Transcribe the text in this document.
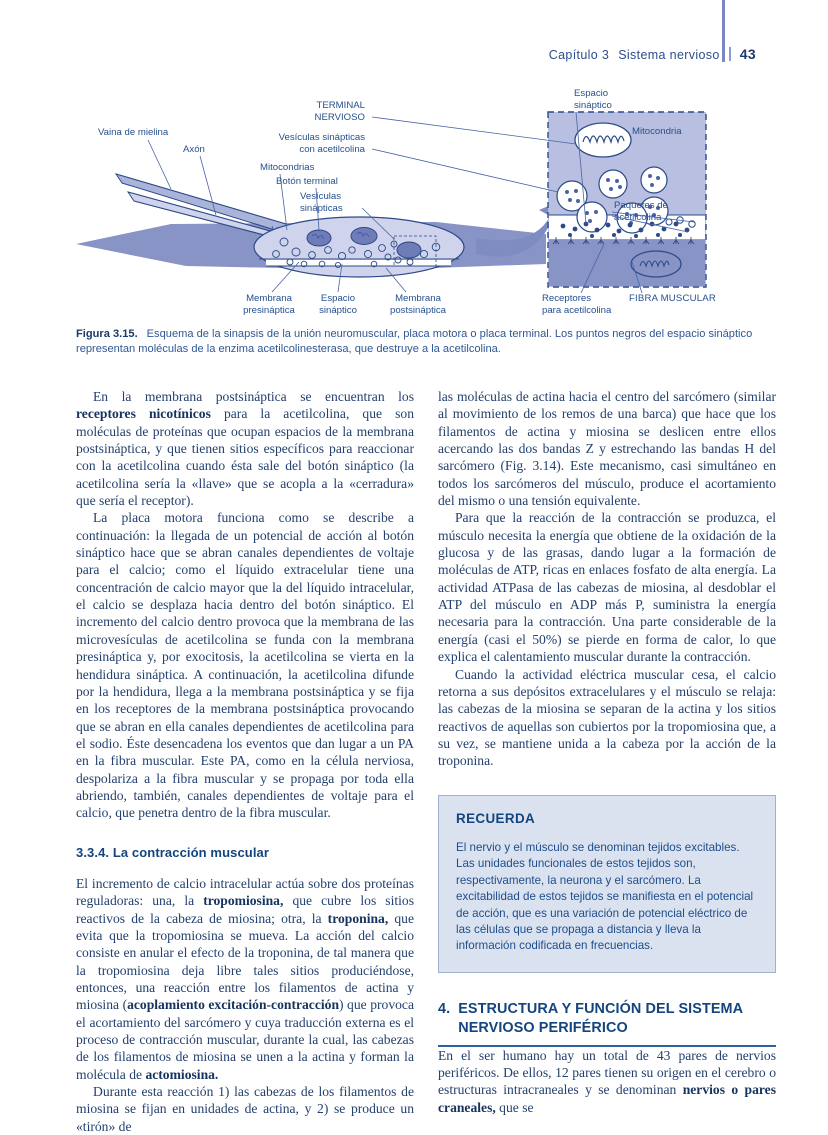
Capítulo 3 Sistema nervioso 43
Vaina de mielina
Axón
TERMINAL
NERVIOSO
Vesículas sinápticas
con acetilcolina
Mitocondrias
Botón terminal
Vesículas
sinápticas
Espacio
sináptico
Mitocondria
Paquetes de
acetilcolina
Membrana
presináptica
Espacio
sináptico
Membrana
postsináptica
Receptores
para acetilcolina
FIBRA MUSCULAR
Figura 3.15. Esquema de la sinapsis de la unión neuromuscular, placa motora o placa terminal. Los puntos negros del espacio sináptico representan moléculas de la enzima acetilcolinesterasa, que destruye a la acetilcolina.

En la membrana postsináptica se encuentran los receptores nicotínicos para la acetilcolina, que son moléculas de proteínas que ocupan espacios de la membrana postsináptica, y que tienen sitios específicos para reaccionar con la acetilcolina cuando ésta sale del botón sináptico (la acetilcolina sería la «llave» que se acopla a la «cerradura» que sería el receptor).

La placa motora funciona como se describe a continuación: la llegada de un potencial de acción al botón sináptico hace que se abran canales dependientes de voltaje para el calcio; como el líquido extracelular tiene una concentración de calcio mayor que la del líquido intracelular, el calcio se desplaza hacia dentro del botón sináptico. El incremento del calcio dentro provoca que la membrana de las microvesículas de acetilcolina se funda con la membrana presináptica y, por exocitosis, la acetilcolina se vierta en la hendidura sináptica. A continuación, la acetilcolina difunde por la hendidura, llega a la membrana postsináptica y se fija en los receptores de la membrana postsináptica provocando que se abran en ella canales dependientes de acetilcolina para el sodio. Éste desencadena los eventos que dan lugar a un PA en la fibra muscular. Este PA, como en la célula nerviosa, despolariza a la fibra muscular y se propaga por toda ella abriendo, también, canales dependientes de voltaje para el calcio, que penetra dentro de la fibra muscular.

3.3.4. La contracción muscular

El incremento de calcio intracelular actúa sobre dos proteínas reguladoras: una, la tropomiosina, que cubre los sitios reactivos de la cabeza de miosina; otra, la troponina, que evita que la tropomiosina se mueva. La acción del calcio consiste en anular el efecto de la troponina, de tal manera que la tropomiosina deja libre tales sitios produciéndose, entonces, una reacción entre los filamentos de actina y miosina (acoplamiento excitación-contracción) que provoca el acortamiento del sarcómero y cuya traducción externa es el proceso de contracción muscular, durante la cual, las cabezas de los filamentos de miosina se unen a la actina y forman la molécula de actomiosina.

Durante esta reacción 1) las cabezas de los filamentos de miosina se fijan en unidades de actina, y 2) se produce un «tirón» de

las moléculas de actina hacia el centro del sarcómero (similar al movimiento de los remos de una barca) que hace que los filamentos de actina y miosina se deslicen entre ellos acercando las dos bandas Z y estrechando las bandas H del sarcómero (Fig. 3.14). Este mecanismo, casi simultáneo en todos los sarcómeros del músculo, produce el acortamiento del mismo o una tensión equivalente.

Para que la reacción de la contracción se produzca, el músculo necesita la energía que obtiene de la oxidación de la glucosa y de las grasas, dando lugar a la formación de moléculas de ATP, ricas en enlaces fosfato de alta energía. La actividad ATPasa de las cabezas de miosina, al desdoblar el ATP del músculo en ADP más P, suministra la energía necesaria para la contracción. Una parte considerable de la energía (casi el 50%) se pierde en forma de calor, lo que explica el calentamiento muscular durante la contracción.

Cuando la actividad eléctrica muscular cesa, el calcio retorna a sus depósitos extracelulares y el músculo se relaja: las cabezas de la miosina se separan de la actina y los sitios reactivos de aquellas son cubiertos por la tropomiosina que, a su vez, se mantiene unida a la cabeza por la acción de la troponina.

RECUERDA
El nervio y el músculo se denominan tejidos excitables. Las unidades funcionales de estos tejidos son, respectivamente, la neurona y el sarcómero. La excitabilidad de estos tejidos se manifiesta en el potencial de acción, que es una variación de potencial eléctrico de las células que se propaga a distancia y lleva la información codificada en frecuencias.
4. ESTRUCTURA Y FUNCIÓN DEL SISTEMA
NERVIOSO PERIFÉRICO

En el ser humano hay un total de 43 pares de nervios periféricos. De ellos, 12 pares tienen su origen en el cerebro o estructuras intracraneales y se denominan nervios o pares craneales, que se
